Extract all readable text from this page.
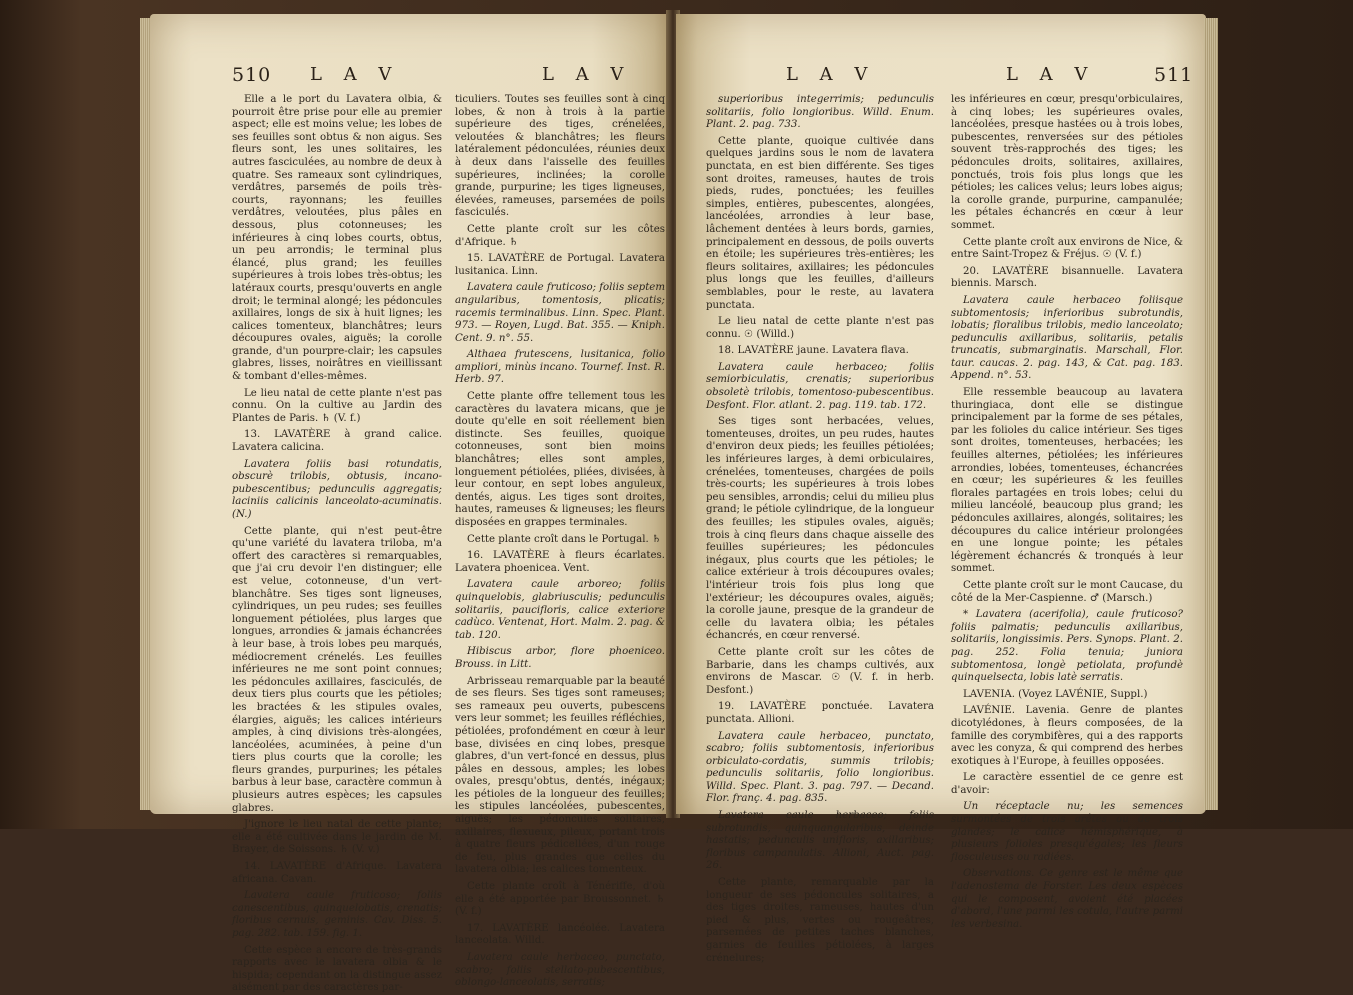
510 L A V	L A V

Elle a le port du Lavatera olbia, & pourroit être prise pour elle au premier aspect; elle est moins velue; les lobes de ses feuilles sont obtus & non aigus. Ses fleurs sont, les unes solitaires, les autres fasciculées, au nombre de deux à quatre. Ses rameaux sont cylindriques, verdâtres, parsemés de poils très-courts, rayonnans; les feuilles verdâtres, veloutées, plus pâles en dessous, plus cotonneuses; les inférieures à cinq lobes courts, obtus, un peu arrondis; le terminal plus élancé, plus grand; les feuilles supérieures à trois lobes très-obtus; les latéraux courts, presqu'ouverts en angle droit; le terminal alongé; les pédoncules axillaires, longs de six à huit lignes; les calices tomenteux, blanchâtres; leurs découpures ovales, aiguës; la corolle grande, d'un pourpre-clair; les capsules glabres, lisses, noirâtres en vieillissant & tombant d'elles-mêmes.

Le lieu natal de cette plante n'est pas connu. On la cultive au Jardin des Plantes de Paris. ♄ (V. f.)

13. LAVATÈRE à grand calice. Lavatera calicina.

Lavatera foliis basi rotundatis, obscurè trilobis, obtusis, incano-pubescentibus; pedunculis aggregatis; laciniis calicinis lanceolato-acuminatis. (N.)

Cette plante, qui n'est peut-être qu'une variété du lavatera triloba, m'a offert des caractères si remarquables, que j'ai cru devoir l'en distinguer; elle est velue, cotonneuse, d'un vert-blanchâtre. Ses tiges sont ligneuses, cylindriques, un peu rudes; ses feuilles longuement pétiolées, plus larges que longues, arrondies & jamais échancrées à leur base, à trois lobes peu marqués, médiocrement crénelés. Les feuilles inférieures ne me sont point connues; les pédoncules axillaires, fasciculés, de deux tiers plus courts que les pétioles; les bractées & les stipules ovales, élargies, aiguës; les calices intérieurs amples, à cinq divisions très-alongées, lancéolées, acuminées, à peine d'un tiers plus courts que la corolle; les fleurs grandes, purpurines; les pétales barbus à leur base, caractère commun à plusieurs autres espèces; les capsules glabres.

J'ignore le lieu natal de cette plante; elle a été cultivée dans le jardin de M. Brayer, de Soissons. ♄ (V. v.)

14. LAVATÈRE d'Afrique. Lavatera africana. Cavan.

Lavatera caule fruticoso; foliis canescentibus, quinquelobatis, crenatis; floribus cernuis, geminis. Cav. Diss. 5. pag. 282. tab. 159. fig. 1.

Cette espèce a encore de très-grands rapports avec le lavatera olbia & le hispida; cependant on la distingue assez aisément par des caractères par-

ticuliers. Toutes ses feuilles sont à cinq lobes, & non à trois à la partie supérieure des tiges, crénelées, veloutées & blanchâtres; les fleurs latéralement pédonculées, réunies deux à deux dans l'aisselle des feuilles supérieures, inclinées; la corolle grande, purpurine; les tiges ligneuses, élevées, rameuses, parsemées de poils fasciculés.

Cette plante croît sur les côtes d'Afrique. ♄

15. LAVATÈRE de Portugal. Lavatera lusitanica. Linn.

Lavatera caule fruticoso; foliis septem angularibus, tomentosis, plicatis; racemis terminalibus. Linn. Spec. Plant. 973. — Royen, Lugd. Bat. 355. — Kniph. Cent. 9. n°. 55.

Althaea frutescens, lusitanica, folio ampliori, minùs incano. Tournef. Inst. R. Herb. 97.

Cette plante offre tellement tous les caractères du lavatera micans, que je doute qu'elle en soit réellement bien distincte. Ses feuilles, quoique cotonneuses, sont bien moins blanchâtres; elles sont amples, longuement pétiolées, pliées, divisées, à leur contour, en sept lobes anguleux, dentés, aigus. Les tiges sont droites, hautes, rameuses & ligneuses; les fleurs disposées en grappes terminales.

Cette plante croît dans le Portugal. ♄

16. LAVATÈRE à fleurs écarlates. Lavatera phoenicea. Vent.

Lavatera caule arboreo; foliis quinquelobis, glabriusculis; pedunculis solitariis, paucifloris, calice exteriore cadùco. Ventenat, Hort. Malm. 2. pag. & tab. 120.

Hibiscus arbor, flore phoeniceo. Brouss. in Litt.

Arbrisseau remarquable par la beauté de ses fleurs. Ses tiges sont rameuses; ses rameaux peu ouverts, pubescens vers leur sommet; les feuilles réfléchies, pétiolées, profondément en cœur à leur base, divisées en cinq lobes, presque glabres, d'un vert-foncé en dessus, plus pâles en dessous, amples; les lobes ovales, presqu'obtus, dentés, inégaux; les pétioles de la longueur des feuilles; les stipules lancéolées, pubescentes, aiguës; les pédoncules solitaires, axillaires, flexueux, pileux, portant trois à quatre fleurs pédicellées, d'un rouge de feu, plus grandes que celles du lavatera olbia; les calices tomenteux.

Cette plante croît à Ténériffe, d'où elle a été apportée par Broussonnet. ♄ (V. f.)

17. LAVATÈRE lancéolée. Lavatera lanceolata. Willd.

Lavatera caule herbaceo, punctato, scabro; foliis stellato-pubescentibus, oblongo-lanceolatis, serratis;

L A V	L A V	511

superioribus integerrimis; pedunculis solitariis, folio longioribus. Willd. Enum. Plant. 2. pag. 733.

Cette plante, quoique cultivée dans quelques jardins sous le nom de lavatera punctata, en est bien différente. Ses tiges sont droites, rameuses, hautes de trois pieds, rudes, ponctuées; les feuilles simples, entières, pubescentes, alongées, lancéolées, arrondies à leur base, lâchement dentées à leurs bords, garnies, principalement en dessous, de poils ouverts en étoile; les supérieures très-entières; les fleurs solitaires, axillaires; les pédoncules plus longs que les feuilles, d'ailleurs semblables, pour le reste, au lavatera punctata.

Le lieu natal de cette plante n'est pas connu. ☉ (Willd.)

18. LAVATÈRE jaune. Lavatera flava.

Lavatera caule herbaceo; foliis semiorbiculatis, crenatis; superioribus obsoletè trilobis, tomentoso-pubescentibus. Desfont. Flor. atlant. 2. pag. 119. tab. 172.

Ses tiges sont herbacées, velues, tomenteuses, droites, un peu rudes, hautes d'environ deux pieds; les feuilles pétiolées; les inférieures larges, à demi orbiculaires, crénelées, tomenteuses, chargées de poils très-courts; les supérieures à trois lobes peu sensibles, arrondis; celui du milieu plus grand; le pétiole cylindrique, de la longueur des feuilles; les stipules ovales, aiguës; trois à cinq fleurs dans chaque aisselle des feuilles supérieures; les pédoncules inégaux, plus courts que les pétioles; le calice extérieur à trois découpures ovales; l'intérieur trois fois plus long que l'extérieur; les découpures ovales, aiguës; la corolle jaune, presque de la grandeur de celle du lavatera olbia; les pétales échancrés, en cœur renversé.

Cette plante croît sur les côtes de Barbarie, dans les champs cultivés, aux environs de Mascar. ☉ (V. f. in herb. Desfont.)

19. LAVATÈRE ponctuée. Lavatera punctata. Allioni.

Lavatera caule herbaceo, punctato, scabro; foliis subtomentosis, inferioribus orbiculato-cordatis, summis trilobis; pedunculis solitariis, folio longioribus. Willd. Spec. Plant. 3. pag. 797. — Decand. Flor. franç. 4. pag. 835.

Lavatera caule herbaceo; foliis subrotundis, quinquangularibus, deinde hastatis; pedunculis unifloris, axillaribus; floribus campanulatis. Allioni, Auct. pag. 26.

Cette plante, remarquable par la longueur de ses pédoncules solitaires, a des tiges droites, rameuses, hautes d'un pied & plus, vertes ou rougeâtres, parsemées de petites taches blanches, garnies de feuilles pétiolées, à larges crénelures;

les inférieures en cœur, presqu'orbiculaires, à cinq lobes; les supérieures ovales, lancéolées, presque hastées ou à trois lobes, pubescentes, renversées sur des pétioles souvent très-rapprochés des tiges; les pédoncules droits, solitaires, axillaires, ponctués, trois fois plus longs que les pétioles; les calices velus; leurs lobes aigus; la corolle grande, purpurine, campanulée; les pétales échancrés en cœur à leur sommet.

Cette plante croît aux environs de Nice, & entre Saint-Tropez & Fréjus. ☉ (V. f.)

20. LAVATÈRE bisannuelle. Lavatera biennis. Marsch.

Lavatera caule herbaceo foliisque subtomentosis; inferioribus subrotundis, lobatis; floralibus trilobis, medio lanceolato; pedunculis axillaribus, solitariis, petalis truncatis, submarginatis. Marschall, Flor. taur. caucas. 2. pag. 143, & Cat. pag. 183. Append. n°. 53.

Elle ressemble beaucoup au lavatera thuringiaca, dont elle se distingue principalement par la forme de ses pétales, par les folioles du calice intérieur. Ses tiges sont droites, tomenteuses, herbacées; les feuilles alternes, pétiolées; les inférieures arrondies, lobées, tomenteuses, échancrées en cœur; les supérieures & les feuilles florales partagées en trois lobes; celui du milieu lancéolé, beaucoup plus grand; les pédoncules axillaires, alongés, solitaires; les découpures du calice intérieur prolongées en une longue pointe; les pétales légèrement échancrés & tronqués à leur sommet.

Cette plante croît sur le mont Caucase, du côté de la Mer-Caspienne. ♂ (Marsch.)

* Lavatera (acerifolia), caule fruticoso? foliis palmatis; pedunculis axillaribus, solitariis, longissimis. Pers. Synops. Plant. 2. pag. 252. Folia tenuia; juniora subtomentosa, longè petiolata, profundè quinquelsecta, lobis latè serratis.

LAVENIA. (Voyez LAVÉNIE, Suppl.)

LAVÉNIE. Lavenia. Genre de plantes dicotylédones, à fleurs composées, de la famille des corymbifères, qui a des rapports avec les conyza, & qui comprend des herbes exotiques à l'Europe, à feuilles opposées.

Le caractère essentiel de ce genre est d'avoir:

Un réceptacle nu; les semences surmontées de trois arêtes ou de trois glandes; le calice hémisphérique, à plusieurs folioles presqu'égales; les fleurs flosculeuses ou radiées.

Observations. Ce genre est le même que l'adenostema de Forster. Les deux espèces qui le composent, avoient été placées d'abord, l'une parmi les cotula, l'autre parmi les verbesina.
